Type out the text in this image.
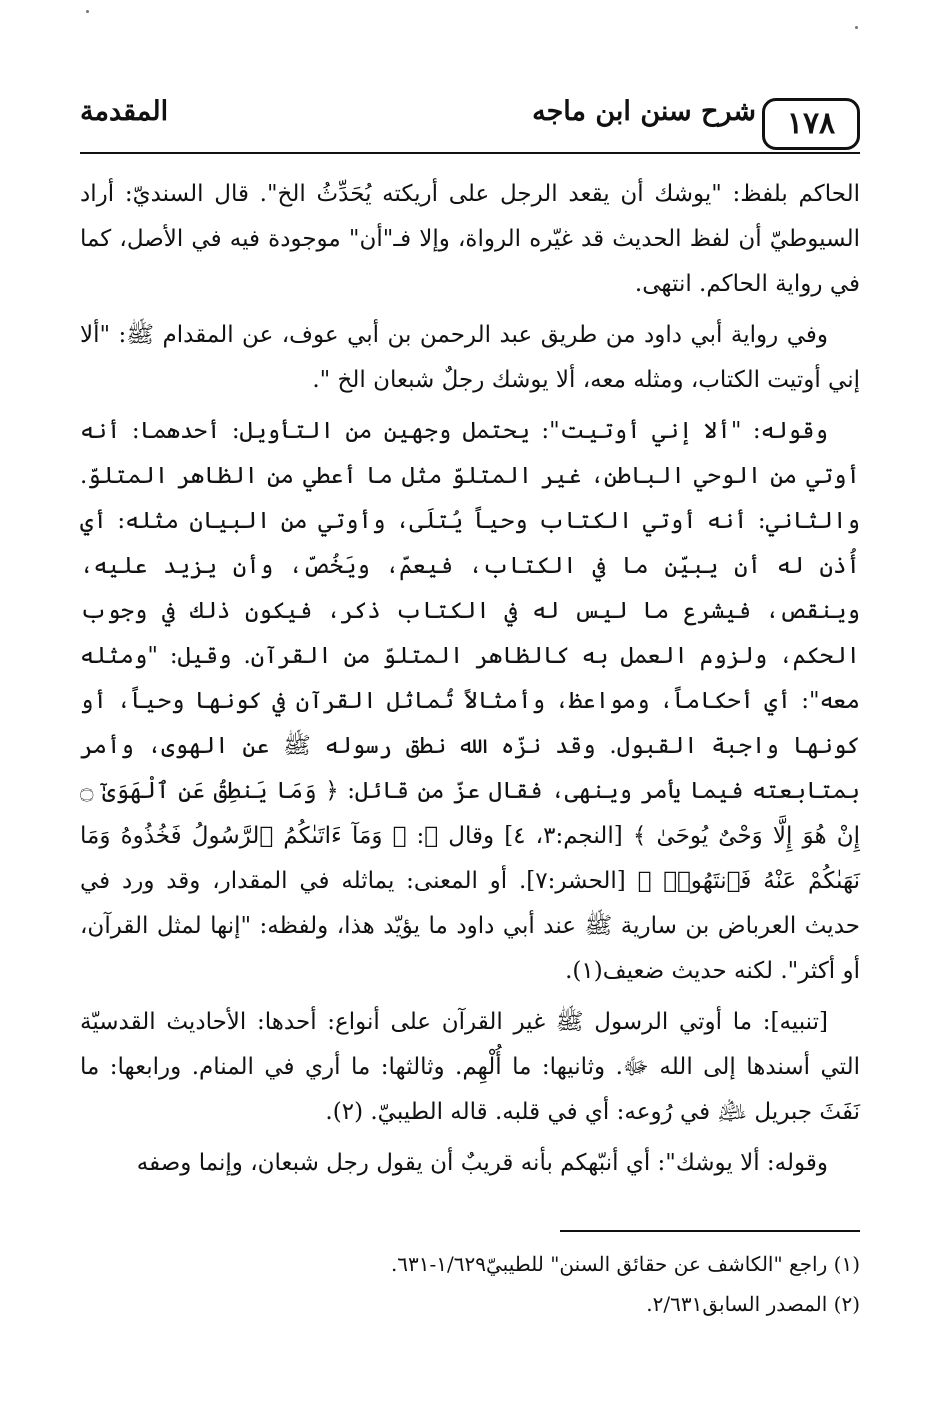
١٧٨
شرح سنن ابن ماجه
المقدمة

الحاكم بلفظ: "يوشك أن يقعد الرجل على أريكته يُحَدِّثُ الخ". قال السنديّ: أراد السيوطيّ أن لفظ الحديث قد غيّره الرواة، وإلا فـ"أن" موجودة فيه في الأصل، كما في رواية الحاكم. انتهى.

وفي رواية أبي داود من طريق عبد الرحمن بن أبي عوف، عن المقدام ﷺ: "ألا إني أوتيت الكتاب، ومثله معه، ألا يوشك رجلٌ شبعان الخ ".

وقوله: "ألا إني أوتيت": يحتمل وجهين من التأويل: أحدهما: أنه أوتي من الوحي الباطن، غير المتلوّ مثل ما أعطي من الظاهر المتلوّ. والثاني: أنه أوتي الكتاب وحياً يُتلَى، وأوتي من البيان مثله: أي أُذن له أن يبيّن ما في الكتاب، فيعمّ، ويَخُصّ، وأن يزيد عليه، وينقص، فيشرع ما ليس له في الكتاب ذكر، فيكون ذلك في وجوب الحكم، ولزوم العمل به كالظاهر المتلوّ من القرآن. وقيل: "ومثله معه": أي أحكاماً، ومواعظ، وأمثالاً تُماثل القرآن في كونها وحياً، أو كونها واجبة القبول. وقد نزّه الله نطق رسوله ﷺ عن الهوى، وأمر بمتابعته فيما يأمر وينهى، فقال عزّ من قائل: ﴿ وَمَا يَنطِقُ عَنِ ٱلْهَوَىٰٓ ۝ إِنْ هُوَ إِلَّا وَحْىٌ يُوحَىٰ ﴾ [النجم:٣، ٤] وقال ﷻ: ﴿ وَمَآ ءَاتَىٰكُمُ ٱلرَّسُولُ فَخُذُوهُ وَمَا نَهَىٰكُمْ عَنْهُ فَٱنتَهُوا۟ ﴾ [الحشر:٧]. أو المعنى: يماثله في المقدار، وقد ورد في حديث العرباض بن سارية ﷺ عند أبي داود ما يؤيّد هذا، ولفظه: "إنها لمثل القرآن، أو أكثر". لكنه حديث ضعيف(١).

[تنبيه]: ما أوتي الرسول ﷺ غير القرآن على أنواع: أحدها: الأحاديث القدسيّة التي أسندها إلى الله ﷻ. وثانيها: ما أُلْهِم. وثالثها: ما أري في المنام. ورابعها: ما نَفَثَ جبريل ﵇ في رُوعه: أي في قلبه. قاله الطيبيّ. (٢).

وقوله: ألا يوشك": أي أنبّهكم بأنه قريبٌ أن يقول رجل شبعان، وإنما وصفه

(١) راجع "الكاشف عن حقائق السنن" للطيبيّ١/٦٢٩-٦٣١.

(٢) المصدر السابق٢/٦٣١.
